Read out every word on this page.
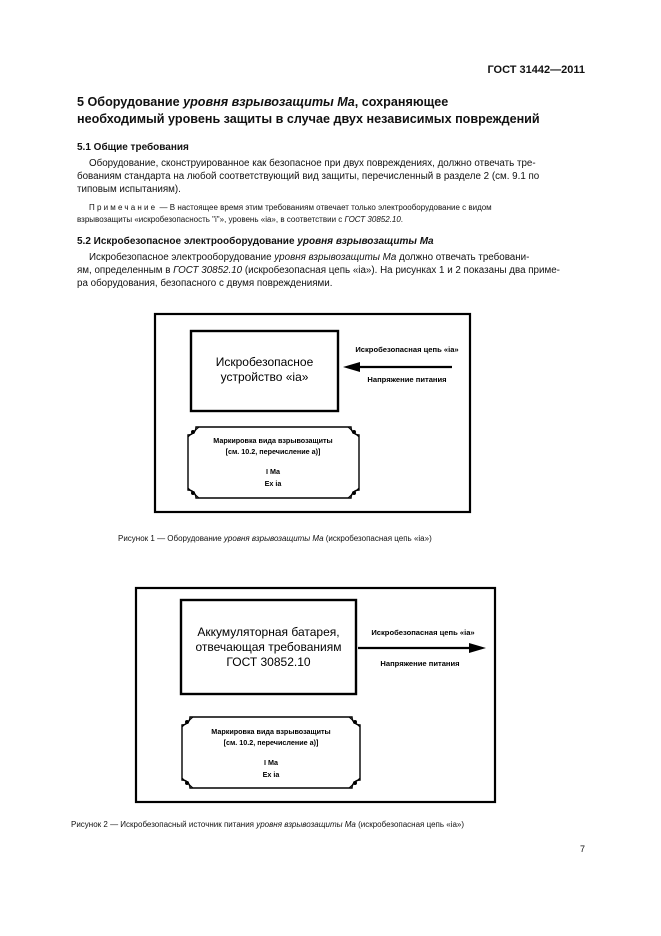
ГОСТ 31442—2011
5 Оборудование уровня взрывозащиты Ma, сохраняющее
необходимый уровень защиты в случае двух независимых повреждений
5.1 Общие требования
Оборудование, сконструированное как безопасное при двух повреждениях, должно отвечать тре-
бованиям стандарта на любой соответствующий вид защиты, перечисленный в разделе 2 (см. 9.1 по
типовым испытаниям).
Примечание — В настоящее время этим требованиям отвечает только электрооборудование с видом
взрывозащиты «искробезопасность "i"», уровень «ia», в соответствии с ГОСТ 30852.10.
5.2 Искробезопасное электрооборудование уровня взрывозащиты Ma
Искробезопасное электрооборудование уровня взрывозащиты Ma должно отвечать требовани-
ям, определенным в ГОСТ 30852.10 (искробезопасная цепь «ia»). На рисунках 1 и 2 показаны два приме-
ра оборудования, безопасного с двумя повреждениями.
Искробезопасное
устройство «ia»
Искробезопасная цепь «ia»
Напряжение питания
Маркировка вида взрывозащиты
[см. 10.2, перечисление a)]
I Ma
Ex ia
Аккумуляторная батарея,
отвечающая требованиям
ГОСТ 30852.10
Искробезопасная цепь «ia»
Напряжение питания
Маркировка вида взрывозащиты
[см. 10.2, перечисление a)]
I Ma
Ex ia
Рисунок 1 — Оборудование уровня взрывозащиты Ma (искробезопасная цепь «ia»)
Рисунок 2 — Искробезопасный источник питания уровня взрывозащиты Ma (искробезопасная цепь «ia»)
7
